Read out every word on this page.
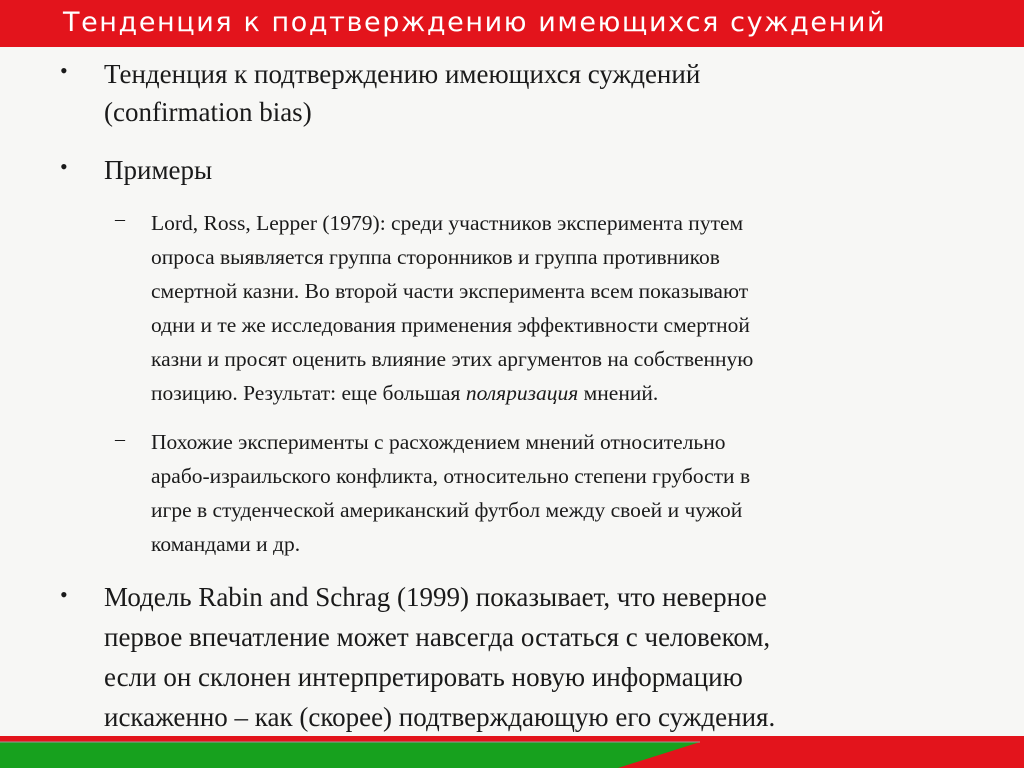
Тенденция к подтверждению имеющихся суждений
• Тенденция к подтверждению имеющихся суждений
(confirmation bias)
• Примеры
– Lord, Ross, Lepper (1979): среди участников эксперимента путем
опроса выявляется группа сторонников и группа противников
смертной казни. Во второй части эксперимента всем показывают
одни и те же исследования применения эффективности смертной
казни и просят оценить влияние этих аргументов на собственную
позицию. Результат: еще большая поляризация мнений.
– Похожие эксперименты с расхождением мнений относительно
арабо-израильского конфликта, относительно степени грубости в
игре в студенческой американский футбол между своей и чужой
командами и др.
• Модель Rabin and Schrag (1999) показывает, что неверное
первое впечатление может навсегда остаться с человеком,
если он склонен интерпретировать новую информацию
искаженно – как (скорее) подтверждающую его суждения.
